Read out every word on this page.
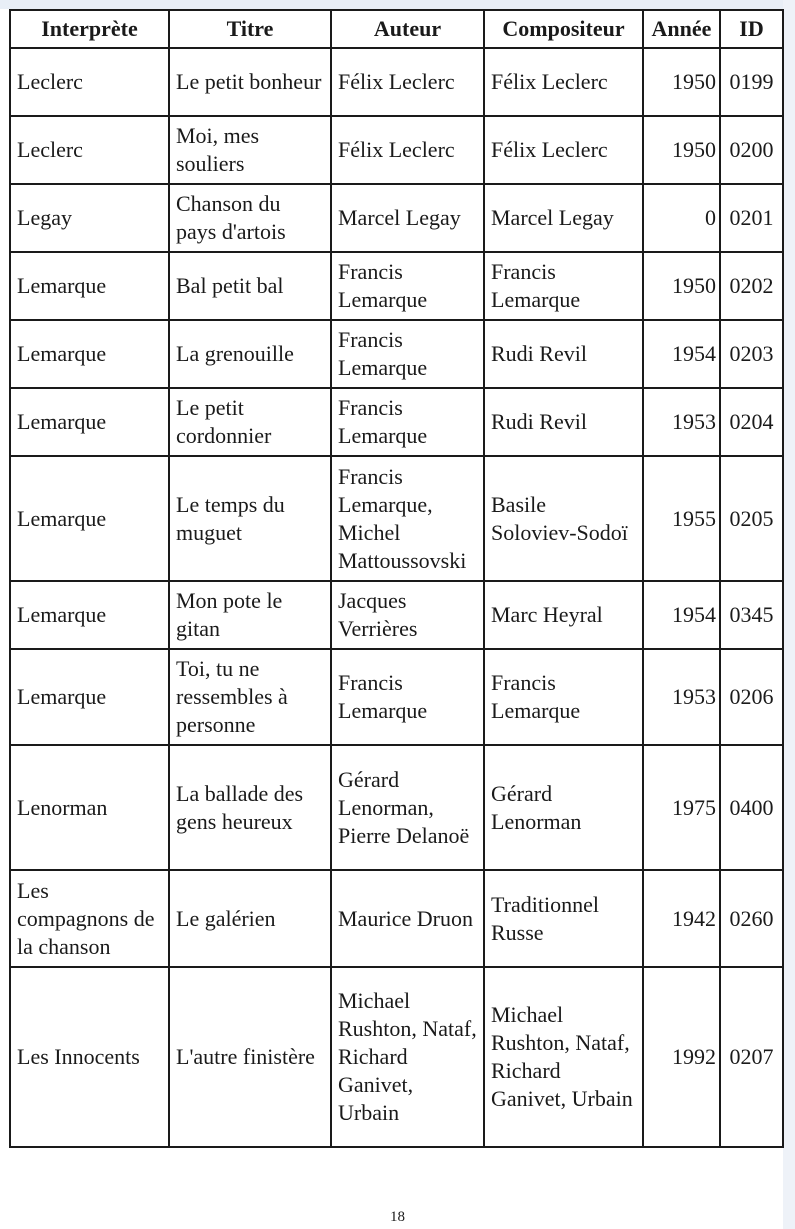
Interprète	Titre	Auteur	Compositeur	Année	ID
Leclerc	Le petit bonheur	Félix Leclerc	Félix Leclerc	1950	0199
Leclerc	Moi, mes souliers	Félix Leclerc	Félix Leclerc	1950	0200
Legay	Chanson du pays d'artois	Marcel Legay	Marcel Legay	0	0201
Lemarque	Bal petit bal	Francis Lemarque	Francis Lemarque	1950	0202
Lemarque	La grenouille	Francis Lemarque	Rudi Revil	1954	0203
Lemarque	Le petit cordonnier	Francis Lemarque	Rudi Revil	1953	0204
Lemarque	Le temps du muguet	Francis Lemarque, Michel Mattoussovski	Basile Soloviev-Sodoï	1955	0205
Lemarque	Mon pote le gitan	Jacques Verrières	Marc Heyral	1954	0345
Lemarque	Toi, tu ne ressembles à personne	Francis Lemarque	Francis Lemarque	1953	0206
Lenorman	La ballade des gens heureux	Gérard Lenorman, Pierre Delanoë	Gérard Lenorman	1975	0400
Les compagnons de la chanson	Le galérien	Maurice Druon	Traditionnel Russe	1942	0260
Les Innocents	L'autre finistère	Michael Rushton, Nataf, Richard Ganivet, Urbain	Michael Rushton, Nataf, Richard Ganivet, Urbain	1992	0207
18
